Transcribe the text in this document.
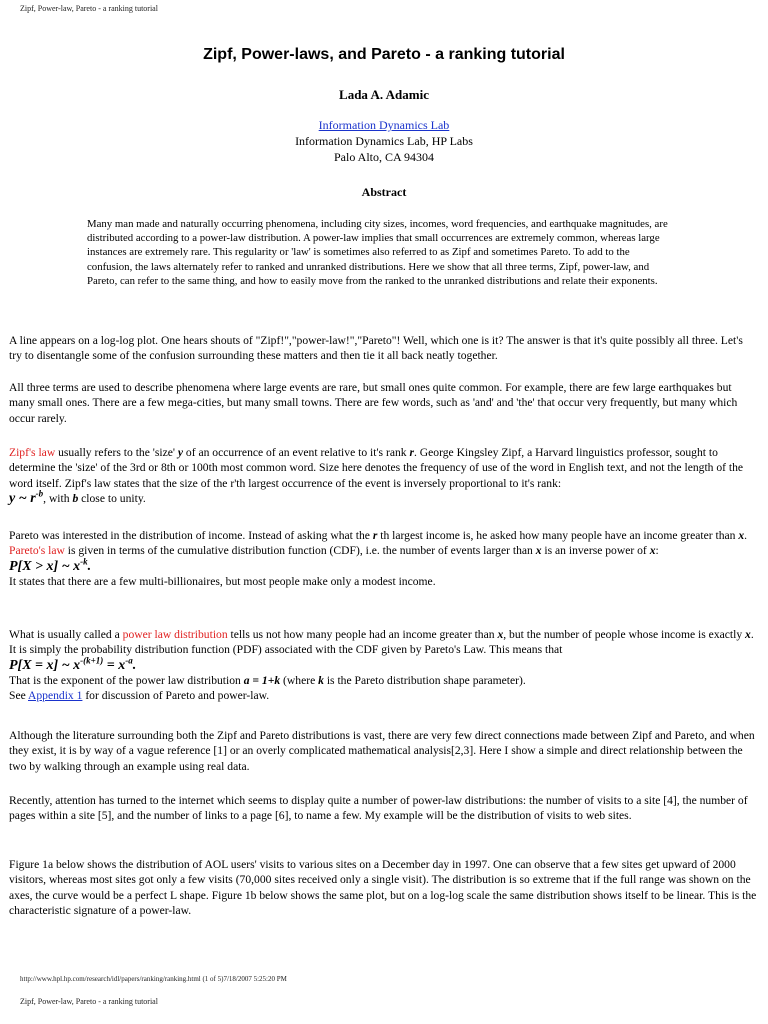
Zipf, Power-law, Pareto - a ranking tutorial
Zipf, Power-laws, and Pareto - a ranking tutorial
Lada A. Adamic
Information Dynamics Lab
Information Dynamics Lab, HP Labs
Palo Alto, CA 94304
Abstract

Many man made and naturally occurring phenomena, including city sizes, incomes, word frequencies, and earthquake magnitudes, are distributed according to a power-law distribution. A power-law implies that small occurrences are extremely common, whereas large instances are extremely rare. This regularity or 'law' is sometimes also referred to as Zipf and sometimes Pareto. To add to the confusion, the laws alternately refer to ranked and unranked distributions. Here we show that all three terms, Zipf, power-law, and Pareto, can refer to the same thing, and how to easily move from the ranked to the unranked distributions and relate their exponents.

A line appears on a log-log plot. One hears shouts of "Zipf!","power-law!","Pareto"! Well, which one is it? The answer is that it's quite possibly all three. Let's try to disentangle some of the confusion surrounding these matters and then tie it all back neatly together.

All three terms are used to describe phenomena where large events are rare, but small ones quite common. For example, there are few large earthquakes but many small ones. There are a few mega-cities, but many small towns. There are few words, such as 'and' and 'the' that occur very frequently, but many which occur rarely.

Zipf's law usually refers to the 'size' y of an occurrence of an event relative to it's rank r. George Kingsley Zipf, a Harvard linguistics professor, sought to determine the 'size' of the 3rd or 8th or 100th most common word. Size here denotes the frequency of use of the word in English text, and not the length of the word itself. Zipf's law states that the size of the r'th largest occurrence of the event is inversely proportional to it's rank:
y ~ $r^{-b}$, with b close to unity.

Pareto was interested in the distribution of income. Instead of asking what the r th largest income is, he asked how many people have an income greater than x. Pareto's law is given in terms of the cumulative distribution function (CDF), i.e. the number of events larger than x is an inverse power of x:
P[X > x] ~ $x^{-k}$.
It states that there are a few multi-billionaires, but most people make only a modest income.

What is usually called a power law distribution tells us not how many people had an income greater than x, but the number of people whose income is exactly x. It is simply the probability distribution function (PDF) associated with the CDF given by Pareto's Law. This means that
P[X = x] ~ $x^{-(k+1)} = x^{-a}$.
That is the exponent of the power law distribution a = 1+k (where k is the Pareto distribution shape parameter).
See Appendix 1 for discussion of Pareto and power-law.

Although the literature surrounding both the Zipf and Pareto distributions is vast, there are very few direct connections made between Zipf and Pareto, and when they exist, it is by way of a vague reference [1] or an overly complicated mathematical analysis[2,3]. Here I show a simple and direct relationship between the two by walking through an example using real data.

Recently, attention has turned to the internet which seems to display quite a number of power-law distributions: the number of visits to a site [4], the number of pages within a site [5], and the number of links to a page [6], to name a few. My example will be the distribution of visits to web sites.

Figure 1a below shows the distribution of AOL users' visits to various sites on a December day in 1997. One can observe that a few sites get upward of 2000 visitors, whereas most sites got only a few visits (70,000 sites received only a single visit). The distribution is so extreme that if the full range was shown on the axes, the curve would be a perfect L shape. Figure 1b below shows the same plot, but on a log-log scale the same distribution shows itself to be linear. This is the characteristic signature of a power-law.

http://www.hpl.hp.com/research/idl/papers/ranking/ranking.html (1 of 5)7/18/2007 5:25:20 PM
Zipf, Power-law, Pareto - a ranking tutorial
